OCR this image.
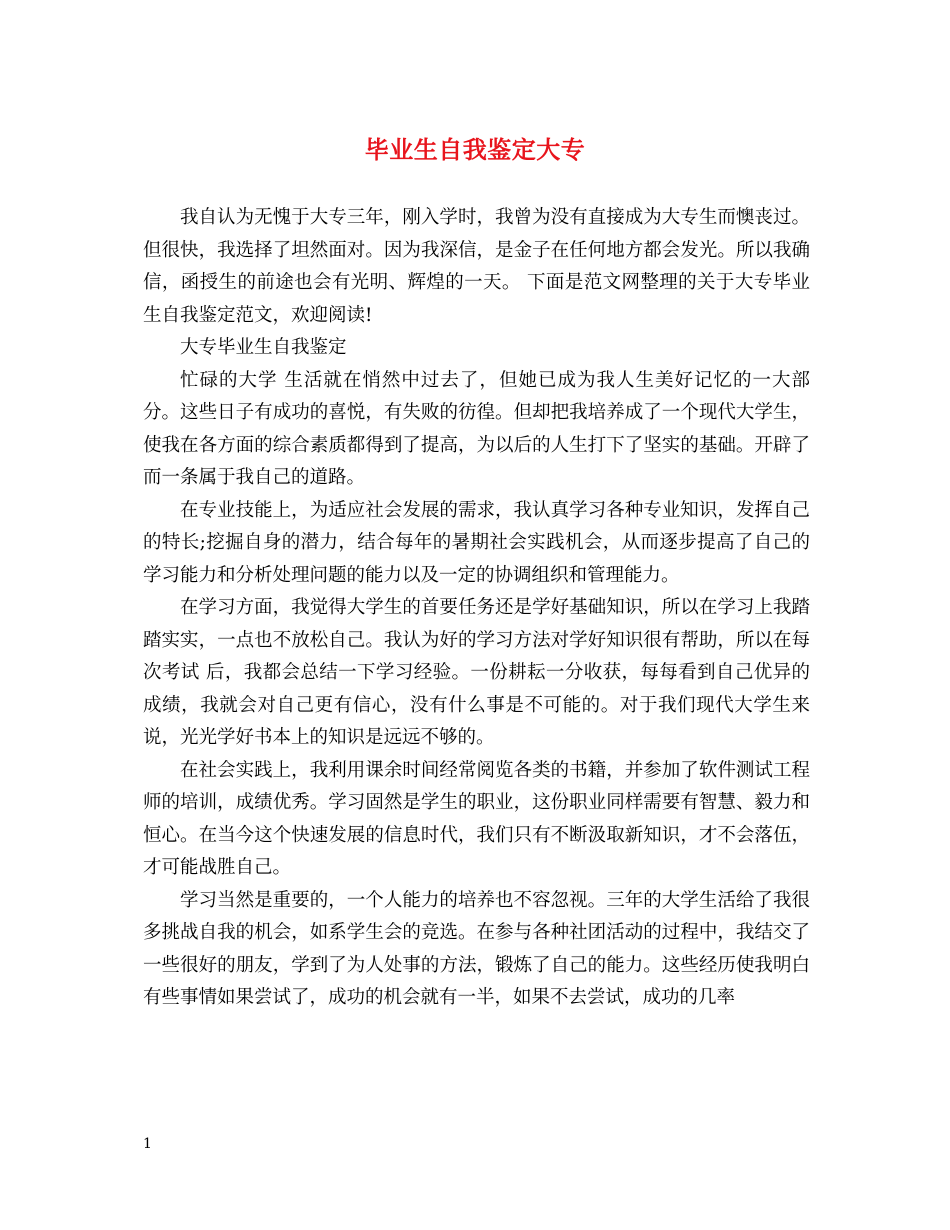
毕业生自我鉴定大专

我自认为无愧于大专三年，刚入学时，我曾为没有直接成为大专生而懊丧过。但很快，我选择了坦然面对。因为我深信，是金子在任何地方都会发光。所以我确信，函授生的前途也会有光明、辉煌的一天。 下面是范文网整理的关于大专毕业生自我鉴定范文，欢迎阅读!

大专毕业生自我鉴定

忙碌的大学 生活就在悄然中过去了，但她已成为我人生美好记忆的一大部分。这些日子有成功的喜悦，有失败的彷徨。但却把我培养成了一个现代大学生，使我在各方面的综合素质都得到了提高，为以后的人生打下了坚实的基础。开辟了而一条属于我自己的道路。

在专业技能上，为适应社会发展的需求，我认真学习各种专业知识，发挥自己的特长;挖掘自身的潜力，结合每年的暑期社会实践机会，从而逐步提高了自己的学习能力和分析处理问题的能力以及一定的协调组织和管理能力。

在学习方面，我觉得大学生的首要任务还是学好基础知识，所以在学习上我踏踏实实，一点也不放松自己。我认为好的学习方法对学好知识很有帮助，所以在每次考试 后，我都会总结一下学习经验。一份耕耘一分收获，每每看到自己优异的成绩，我就会对自己更有信心，没有什么事是不可能的。对于我们现代大学生来说，光光学好书本上的知识是远远不够的。

在社会实践上，我利用课余时间经常阅览各类的书籍，并参加了软件测试工程师的培训，成绩优秀。学习固然是学生的职业，这份职业同样需要有智慧、毅力和恒心。在当今这个快速发展的信息时代，我们只有不断汲取新知识，才不会落伍，才可能战胜自己。

学习当然是重要的，一个人能力的培养也不容忽视。三年的大学生活给了我很多挑战自我的机会，如系学生会的竞选。在参与各种社团活动的过程中，我结交了一些很好的朋友，学到了为人处事的方法，锻炼了自己的能力。这些经历使我明白有些事情如果尝试了，成功的机会就有一半，如果不去尝试，成功的几率

1
